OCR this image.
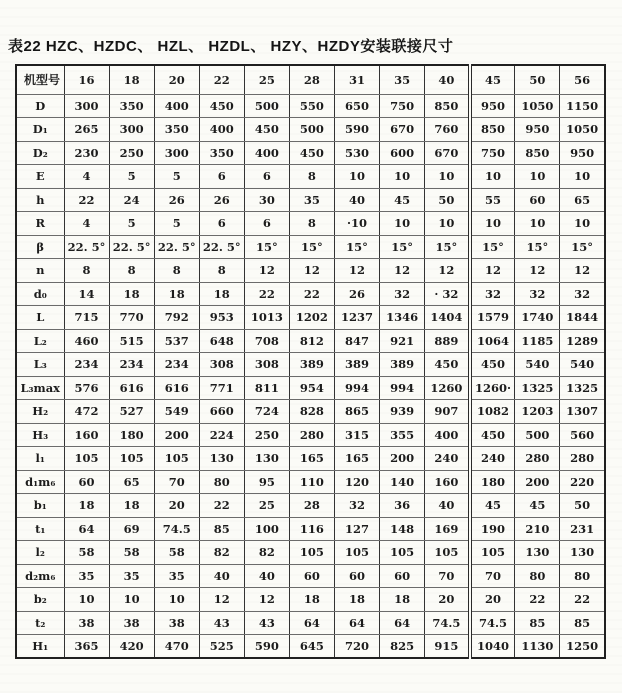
表22 HZC、HZDC、 HZL、 HZDL、 HZY、HZDY安装联接尺寸
机型号	16	18	20	22	25	28	31	35	40	45	50	56
D	300	350	400	450	500	550	650	750	850	950	1050	1150
D₁	265	300	350	400	450	500	590	670	760	850	950	1050
D₂	230	250	300	350	400	450	530	600	670	750	850	950
E	4	5	5	6	6	8	10	10	10	10	10	10
h	22	24	26	26	30	35	40	45	50	55	60	65
R	4	5	5	6	6	8	·10	10	10	10	10	10
β	22. 5°	22. 5°	22. 5°	22. 5°	15°	15°	15°	15°	15°	15°	15°	15°
n	8	8	8	8	12	12	12	12	12	12	12	12
d₀	14	18	18	18	22	22	26	32	· 32	32	32	32
L	715	770	792	953	1013	1202	1237	1346	1404	1579	1740	1844
L₂	460	515	537	648	708	812	847	921	889	1064	1185	1289
L₃	234	234	234	308	308	389	389	389	450	450	540	540
L₃max	576	616	616	771	811	954	994	994	1260	1260·	1325	1325
H₂	472	527	549	660	724	828	865	939	907	1082	1203	1307
H₃	160	180	200	224	250	280	315	355	400	450	500	560
l₁	105	105	105	130	130	165	165	200	240	240	280	280
d₁m₆	60	65	70	80	95	110	120	140	160	180	200	220
b₁	18	18	20	22	25	28	32	36	40	45	45	50
t₁	64	69	74.5	85	100	116	127	148	169	190	210	231
l₂	58	58	58	82	82	105	105	105	105	105	130	130
d₂m₆	35	35	35	40	40	60	60	60	70	70	80	80
b₂	10	10	10	12	12	18	18	18	20	20	22	22
t₂	38	38	38	43	43	64	64	64	74.5	74.5	85	85
H₁	365	420	470	525	590	645	720	825	915	1040	1130	1250
